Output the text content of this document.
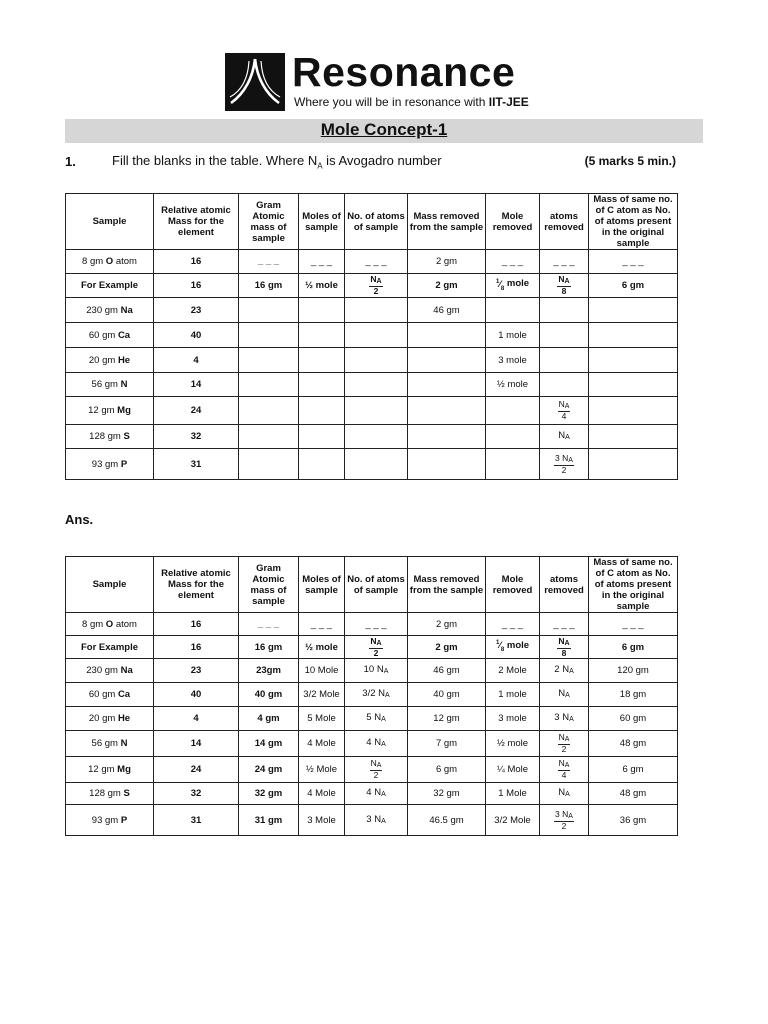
Resonance
Where you will be in resonance with IIT-JEE
Mole Concept-1
1.	Fill the blanks in the table. Where $N_A$ is Avogadro number	(5 marks 5 min.)
Sample	Relative atomic Mass for the element	Gram Atomic mass of sample	Moles of sample	No. of atoms of sample	Mass removed from the sample	Mole removed	atoms removed	Mass of same no. of C atom as No. of atoms present in the original sample
8 gm O atom	16	_ _ _	_ _ _	_ _ _	2 gm	_ _ _	_ _ _	_ _ _
For Example	16	16 gm	½ mole	$\frac{NA}{2}$	2 gm	$^1⁄_8$ mole	$\frac{NA}{8}$	6 gm
230 gm Na	23				46 gm			
60 gm Ca	40					1 mole		
20 gm He	4					3 mole		
56 gm N	14					½ mole		
12 gm Mg	24						$\frac{NA}{4}$

128 gm S	32						NA	
93 gm P	31						$\frac{3 NA}{2}$

Ans.
Sample	Relative atomic Mass for the element	Gram Atomic mass of sample	Moles of sample	No. of atoms of sample	Mass removed from the sample	Mole removed	atoms removed	Mass of same no. of C atom as No. of atoms present in the original sample
8 gm O atom	16	_ _ _	_ _ _	_ _ _	2 gm	_ _ _	_ _ _	_ _ _
For Example	16	16 gm	½ mole	$\frac{NA}{2}$	2 gm	$^1⁄_8$ mole	$\frac{NA}{8}$	6 gm
230 gm Na	23	23gm	10 Mole	10 NA	46 gm	2 Mole	2 NA	120 gm
60 gm Ca	40	40 gm	3/2 Mole	3/2 NA	40 gm	1 mole	NA	18 gm
20 gm He	4	4 gm	5 Mole	5 NA	12 gm	3 mole	3 NA	60 gm
56 gm N	14	14 gm	4 Mole	4 NA	7 gm	½ mole	$\frac{NA}{2}$	48 gm
12 gm Mg	24	24 gm	½ Mole	$\frac{NA}{2}$	6 gm	¼ Mole	$\frac{NA}{4}$	6 gm
128 gm S	32	32 gm	4 Mole	4 NA	32 gm	1 Mole	NA	48 gm
93 gm P	31	31 gm	3 Mole	3 NA	46.5 gm	3/2 Mole	$\frac{3 NA}{2}$	36 gm
